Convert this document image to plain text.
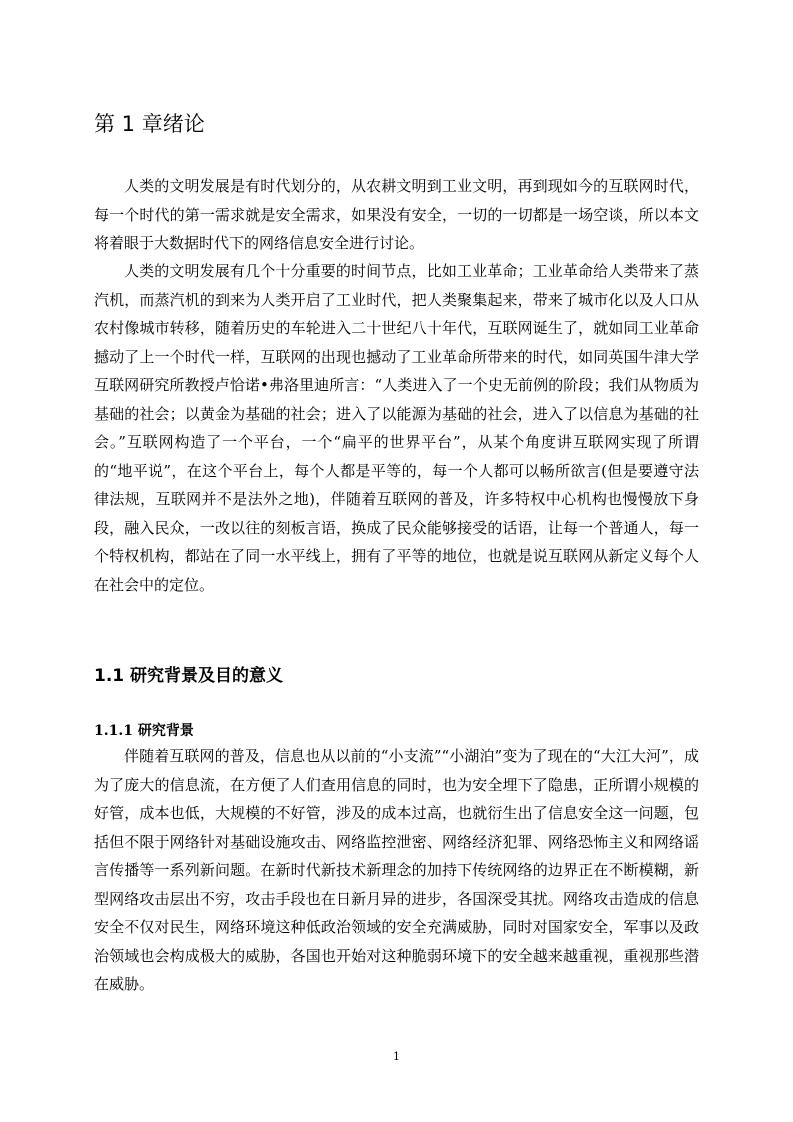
第 1 章绪论

人类的文明发展是有时代划分的，从农耕文明到工业文明，再到现如今的互联网时代，每一个时代的第一需求就是安全需求，如果没有安全，一切的一切都是一场空谈，所以本文将着眼于大数据时代下的网络信息安全进行讨论。

人类的文明发展有几个十分重要的时间节点，比如工业革命；工业革命给人类带来了蒸汽机，而蒸汽机的到来为人类开启了工业时代，把人类聚集起来，带来了城市化以及人口从农村像城市转移，随着历史的车轮进入二十世纪八十年代，互联网诞生了，就如同工业革命撼动了上一个时代一样，互联网的出现也撼动了工业革命所带来的时代，如同英国牛津大学互联网研究所教授卢恰诺•弗洛里迪所言：“人类进入了一个史无前例的阶段；我们从物质为基础的社会；以黄金为基础的社会；进入了以能源为基础的社会，进入了以信息为基础的社会。”互联网构造了一个平台，一个“扁平的世界平台”，从某个角度讲互联网实现了所谓的“地平说”，在这个平台上，每个人都是平等的，每一个人都可以畅所欲言(但是要遵守法律法规，互联网并不是法外之地)，伴随着互联网的普及，许多特权中心机构也慢慢放下身段，融入民众，一改以往的刻板言语，换成了民众能够接受的话语，让每一个普通人，每一个特权机构，都站在了同一水平线上，拥有了平等的地位，也就是说互联网从新定义每个人在社会中的定位。

1.1 研究背景及目的意义
1.1.1 研究背景

伴随着互联网的普及，信息也从以前的“小支流”“小湖泊”变为了现在的“大江大河”，成为了庞大的信息流，在方便了人们查用信息的同时，也为安全埋下了隐患，正所谓小规模的好管，成本也低，大规模的不好管，涉及的成本过高，也就衍生出了信息安全这一问题，包括但不限于网络针对基础设施攻击、网络监控泄密、网络经济犯罪、网络恐怖主义和网络谣言传播等一系列新问题。在新时代新技术新理念的加持下传统网络的边界正在不断模糊，新型网络攻击层出不穷，攻击手段也在日新月异的进步，各国深受其扰。网络攻击造成的信息安全不仅对民生，网络环境这种低政治领域的安全充满威胁，同时对国家安全，军事以及政治领域也会构成极大的威胁，各国也开始对这种脆弱环境下的安全越来越重视，重视那些潜在威胁。

1
